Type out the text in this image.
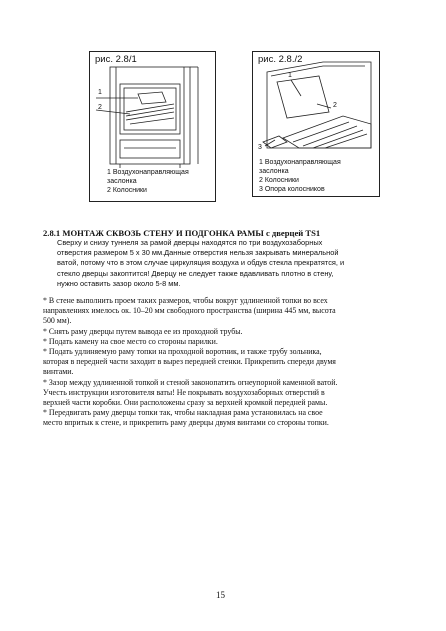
рис. 2.8/1
1
2
1 Воздухонаправляющая
заслонка
2 Колосники
рис. 2.8./2
1
2
3
1 Воздухонаправляющая
заслонка
2 Колосники
3 Опора колосников
2.8.1 МОНТАЖ СКВОЗЬ СТЕНУ И ПОДГОНКА РАМЫ с дверцей TS1
Сверху и снизу туннеля за рамой дверцы находятся по три воздухозаборных
отверстия размером 5 х 30 мм.Данные отверстия нельзя закрывать минеральной
ватой, потому что в этом случае циркуляция воздуха и обдув стекла прекратятся, и
стекло дверцы закоптится! Дверцу не следует также вдавливать плотно в стену,
нужно оставить зазор около 5-8 мм.
* В стене выполнить проем таких размеров, чтобы вокруг удлиненной топки во всех
направлениях имелось ок. 10–20 мм свободного пространства (ширина 445 мм, высота
500 мм).
* Снять раму дверцы путем вывода ее из проходной трубы.
* Подать камену на свое место со стороны парилки.
* Подать удлиняемую раму топки на проходной воротник, и также трубу зольника,
которая в передней части заходит в вырез передней стенки. Прикрепить спереди двумя
винтами.
* Зазор между удлиненной топкой и стеной законопатить огнеупорной каменной ватой.
Учесть инструкции изготовителя ваты! Не покрывать воздухозаборных отверстий в
верхней части коробки. Они расположены сразу за верхней кромкой передней рамы.
* Передвигать раму дверцы топки так, чтобы накладная рама установилась на свое
место впритык к стене, и прикрепить раму дверцы двумя винтами со стороны топки.
15
